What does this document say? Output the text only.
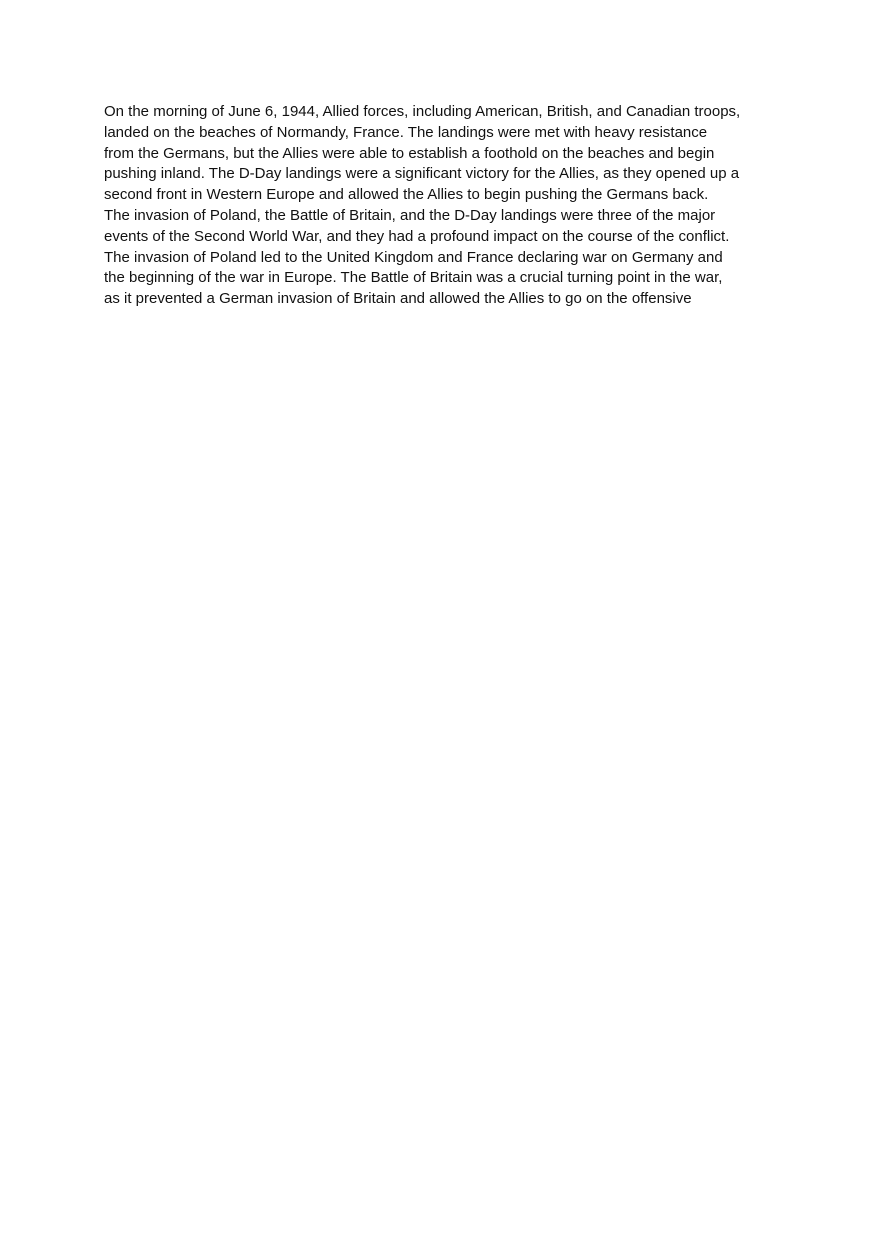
On the morning of June 6, 1944, Allied forces, including American, British, and Canadian troops,
landed on the beaches of Normandy, France. The landings were met with heavy resistance
from the Germans, but the Allies were able to establish a foothold on the beaches and begin
pushing inland. The D-Day landings were a significant victory for the Allies, as they opened up a
second front in Western Europe and allowed the Allies to begin pushing the Germans back.
The invasion of Poland, the Battle of Britain, and the D-Day landings were three of the major
events of the Second World War, and they had a profound impact on the course of the conflict.
The invasion of Poland led to the United Kingdom and France declaring war on Germany and
the beginning of the war in Europe. The Battle of Britain was a crucial turning point in the war,
as it prevented a German invasion of Britain and allowed the Allies to go on the offensive
